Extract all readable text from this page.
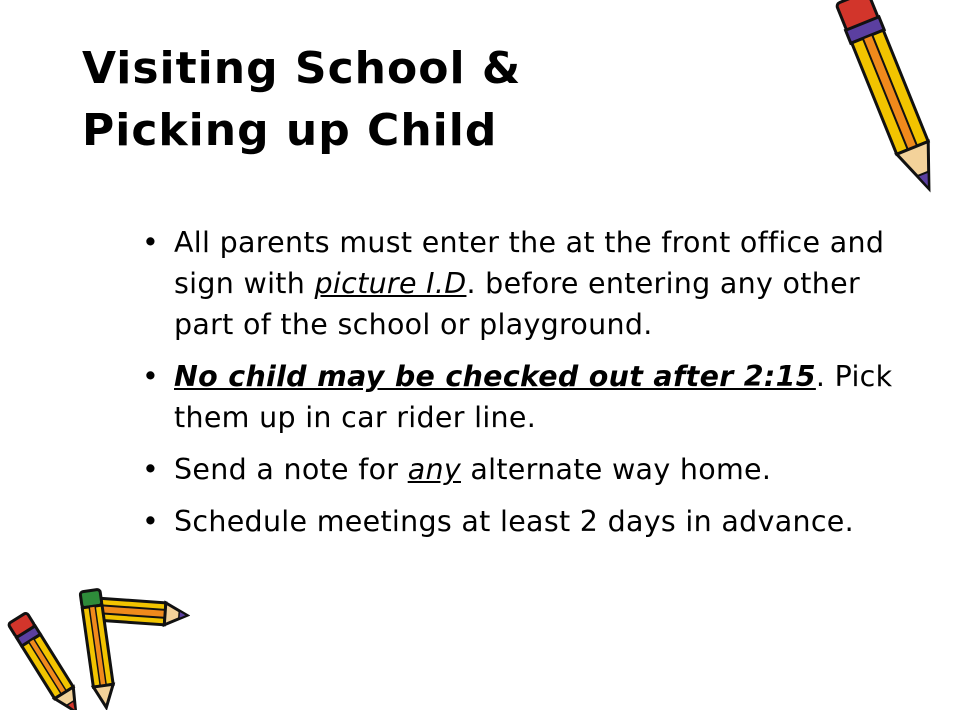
Visiting School &
Picking up Child
• All parents must enter the at the front office and sign with picture I.D. before entering any other part of the school or playground.
• No child may be checked out after 2:15. Pick them up in car rider line.
• Send a note for any alternate way home.
• Schedule meetings at least 2 days in advance.
